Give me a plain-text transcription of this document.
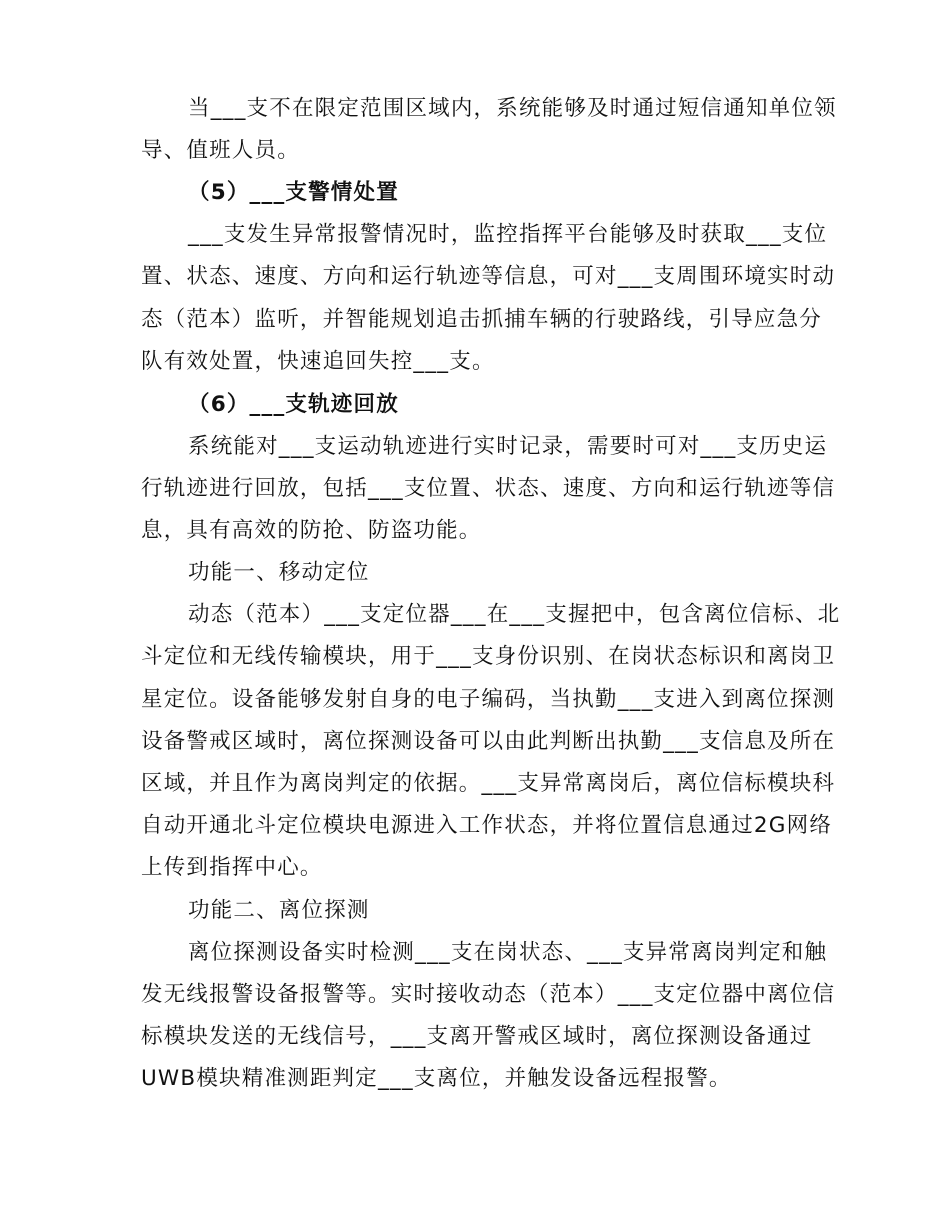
当___支不在限定范围区域内，系统能够及时通过短信通知单位领
导、值班人员。
（5）___支警情处置
___支发生异常报警情况时，监控指挥平台能够及时获取___支位
置、状态、速度、方向和运行轨迹等信息，可对___支周围环境实时动
态（范本）监听，并智能规划追击抓捕车辆的行驶路线，引导应急分
队有效处置，快速追回失控___支。
（6）___支轨迹回放
系统能对___支运动轨迹进行实时记录，需要时可对___支历史运
行轨迹进行回放，包括___支位置、状态、速度、方向和运行轨迹等信
息，具有高效的防抢、防盗功能。
功能一、移动定位
动态（范本）___支定位器___在___支握把中，包含离位信标、北
斗定位和无线传输模块，用于___支身份识别、在岗状态标识和离岗卫
星定位。设备能够发射自身的电子编码，当执勤___支进入到离位探测
设备警戒区域时，离位探测设备可以由此判断出执勤___支信息及所在
区域，并且作为离岗判定的依据。___支异常离岗后，离位信标模块科
自动开通北斗定位模块电源进入工作状态，并将位置信息通过2G网络
上传到指挥中心。
功能二、离位探测
离位探测设备实时检测___支在岗状态、___支异常离岗判定和触
发无线报警设备报警等。实时接收动态（范本）___支定位器中离位信
标模块发送的无线信号，___支离开警戒区域时，离位探测设备通过
UWB模块精准测距判定___支离位，并触发设备远程报警。
